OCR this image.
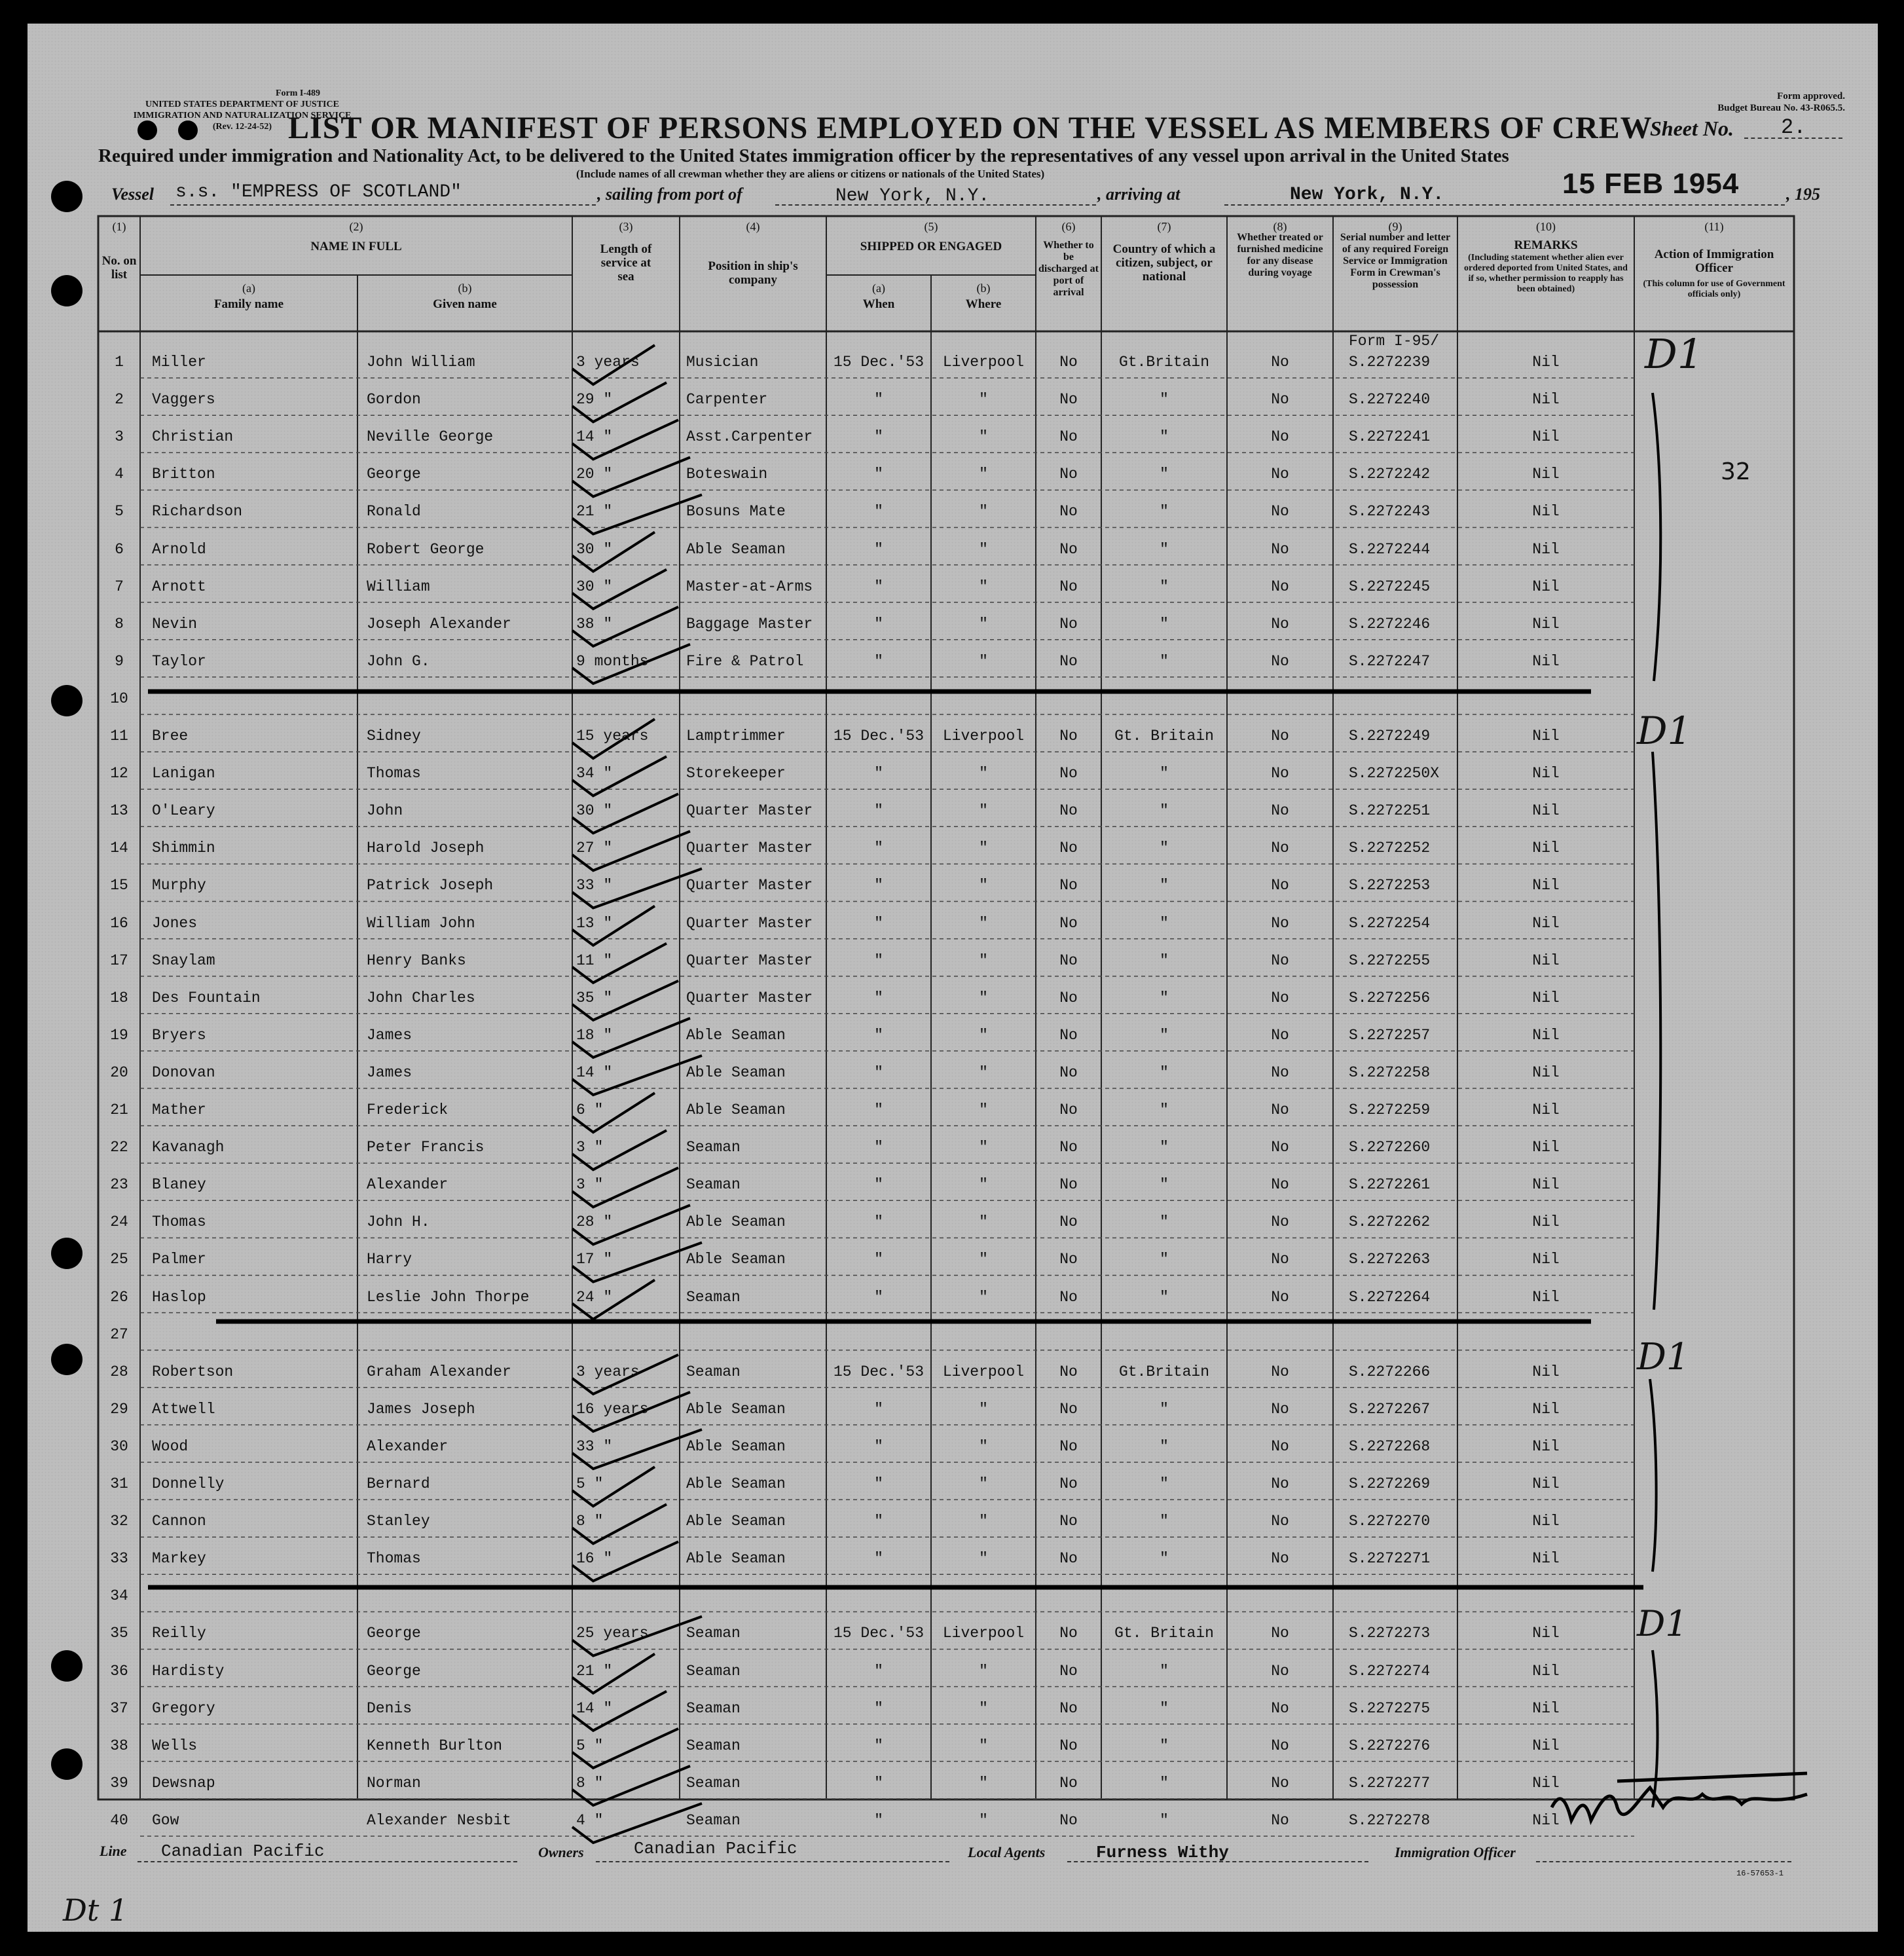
Form I-489
UNITED STATES DEPARTMENT OF JUSTICE
IMMIGRATION AND NATURALIZATION SERVICE
(Rev. 12-24-52)
Form approved.
Budget Bureau No. 43-R065.5.
LIST OR MANIFEST OF PERSONS EMPLOYED ON THE VESSEL AS MEMBERS OF CREW
Sheet No. 2.
Required under immigration and Nationality Act, to be delivered to the United States immigration officer by the representatives of any vessel upon arrival in the United States
(Include names of all crewman whether they are aliens or citizens or nationals of the United States)
Vessel s.s. "EMPRESS OF SCOTLAND"	, sailing from port of	New York, N.Y.	, arriving at	New York, N.Y.	15 FEB 1954	, 195
(1)
No. on list
(2)
NAME IN FULL
(a)
Family name
(b)
Given name
(3)
Length of service at sea
(4)
Position in ship's company
(5)
SHIPPED OR ENGAGED
(a)
When
(b)
Where
(6)
Whether to be discharged at port of arrival
(7)
Country of which a citizen, subject, or national
(8)
Whether treated or furnished medicine for any disease during voyage
(9)
Serial number and letter of any required Foreign Service or Immigration Form in Crewman's possession
(10)
REMARKS
(Including statement whether alien ever ordered deported from United States, and if so, whether permission to reapply has been obtained)
(11)
Action of Immigration Officer
(This column for use of Government officials only)
1	Miller	John William	3 years	Musician	15 Dec.'53	Liverpool	No	Gt.Britain	No	S.2272239	Nil
2	Vaggers	Gordon	29 "	Carpenter	"	"	No	"	No	S.2272240	Nil
3	Christian	Neville George	14 "	Asst.Carpenter	"	"	No	"	No	S.2272241	Nil
4	Britton	George	20 "	Boteswain	"	"	No	"	No	S.2272242	Nil
5	Richardson	Ronald	21 "	Bosuns Mate	"	"	No	"	No	S.2272243	Nil
6	Arnold	Robert George	30 "	Able Seaman	"	"	No	"	No	S.2272244	Nil
7	Arnott	William	30 "	Master-at-Arms	"	"	No	"	No	S.2272245	Nil
8	Nevin	Joseph Alexander	38 "	Baggage Master	"	"	No	"	No	S.2272246	Nil
9	Taylor	John G.	9 months	Fire & Patrol	"	"	No	"	No	S.2272247	Nil
10
11	Bree	Sidney	15 years	Lamptrimmer	15 Dec.'53	Liverpool	No	Gt. Britain	No	S.2272249	Nil
12	Lanigan	Thomas	34 "	Storekeeper	"	"	No	"	No	S.2272250X	Nil
13	O'Leary	John	30 "	Quarter Master	"	"	No	"	No	S.2272251	Nil
14	Shimmin	Harold Joseph	27 "	Quarter Master	"	"	No	"	No	S.2272252	Nil
15	Murphy	Patrick Joseph	33 "	Quarter Master	"	"	No	"	No	S.2272253	Nil
16	Jones	William John	13 "	Quarter Master	"	"	No	"	No	S.2272254	Nil
17	Snaylam	Henry Banks	11 "	Quarter Master	"	"	No	"	No	S.2272255	Nil
18	Des Fountain	John Charles	35 "	Quarter Master	"	"	No	"	No	S.2272256	Nil
19	Bryers	James	18 "	Able Seaman	"	"	No	"	No	S.2272257	Nil
20	Donovan	James	14 "	Able Seaman	"	"	No	"	No	S.2272258	Nil
21	Mather	Frederick	6 "	Able Seaman	"	"	No	"	No	S.2272259	Nil
22	Kavanagh	Peter Francis	3 "	Seaman	"	"	No	"	No	S.2272260	Nil
23	Blaney	Alexander	3 "	Seaman	"	"	No	"	No	S.2272261	Nil
24	Thomas	John H.	28 "	Able Seaman	"	"	No	"	No	S.2272262	Nil
25	Palmer	Harry	17 "	Able Seaman	"	"	No	"	No	S.2272263	Nil
26	Haslop	Leslie John Thorpe	24 "	Seaman	"	"	No	"	No	S.2272264	Nil
27
28	Robertson	Graham Alexander	3 years	Seaman	15 Dec.'53	Liverpool	No	Gt.Britain	No	S.2272266	Nil
29	Attwell	James Joseph	16 years	Able Seaman	"	"	No	"	No	S.2272267	Nil
30	Wood	Alexander	33 "	Able Seaman	"	"	No	"	No	S.2272268	Nil
31	Donnelly	Bernard	5 "	Able Seaman	"	"	No	"	No	S.2272269	Nil
32	Cannon	Stanley	8 "	Able Seaman	"	"	No	"	No	S.2272270	Nil
33	Markey	Thomas	16 "	Able Seaman	"	"	No	"	No	S.2272271	Nil
34
35	Reilly	George	25 years	Seaman	15 Dec.'53	Liverpool	No	Gt. Britain	No	S.2272273	Nil
36	Hardisty	George	21 "	Seaman	"	"	No	"	No	S.2272274	Nil
37	Gregory	Denis	14 "	Seaman	"	"	No	"	No	S.2272275	Nil
38	Wells	Kenneth Burlton	5 "	Seaman	"	"	No	"	No	S.2272276	Nil
39	Dewsnap	Norman	8 "	Seaman	"	"	No	"	No	S.2272277	Nil
40	Gow	Alexander Nesbit	4 "	Seaman	"	"	No	"	No	S.2272278	Nil
Form I-95/	D1
32
D1
D1
D1
Dt 1
Line Canadian Pacific	Owners	Canadian Pacific	Local Agents	Furness Withy	Immigration Officer
16-57653-1
